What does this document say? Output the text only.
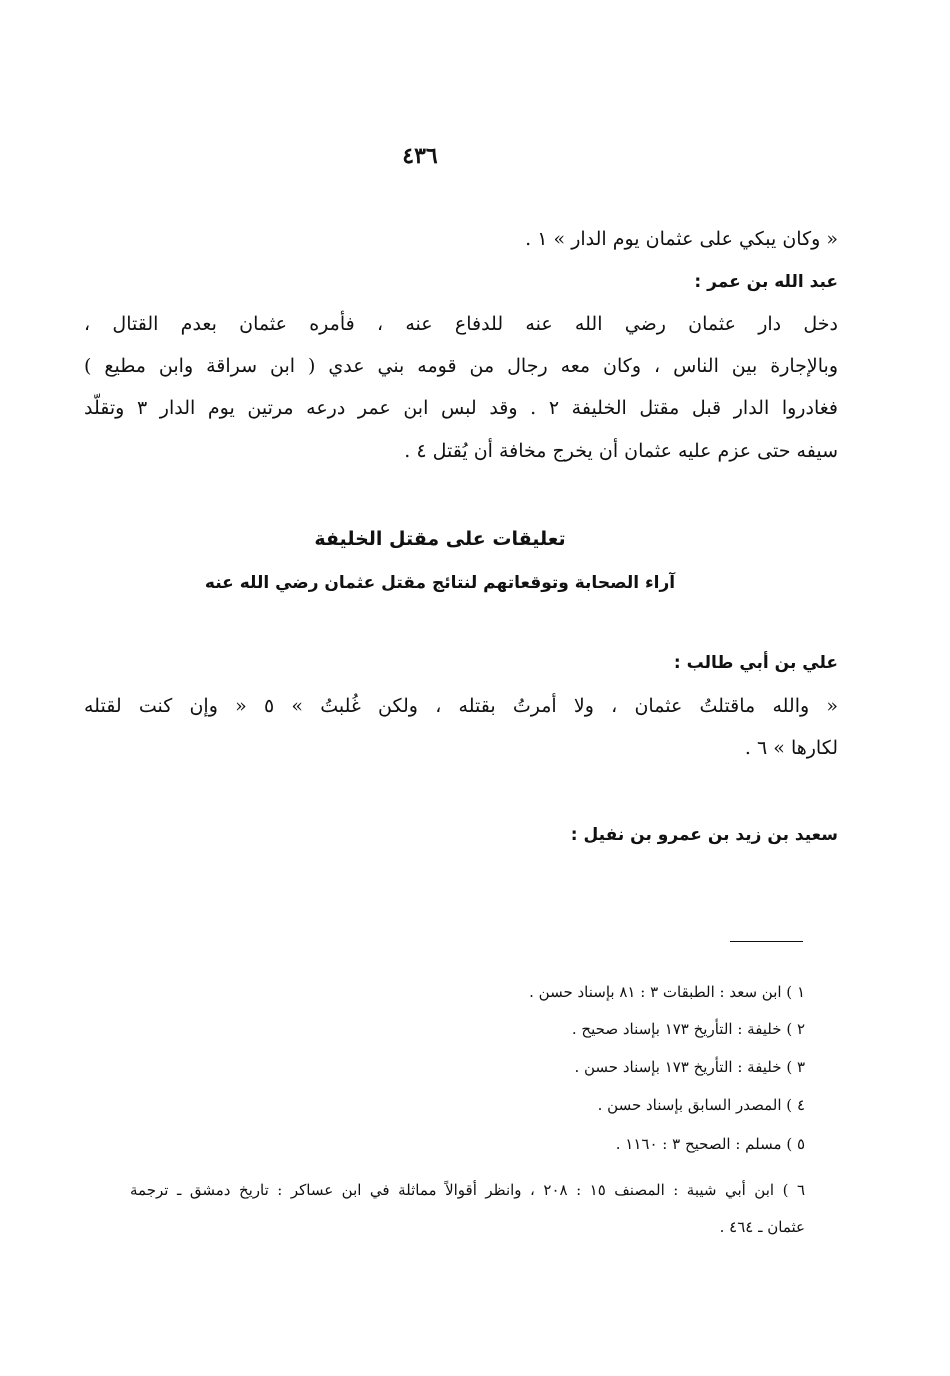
٤٣٦
« وكان يبكي على عثمان يوم الدار » ١ .
عبد الله بن عمر :
دخل دار عثمان رضي الله عنه للدفاع عنه ، فأمره عثمان بعدم القتال ،
وبالإجارة بين الناس ، وكان معه رجال من قومه بني عدي ( ابن سراقة وابن مطيع )
فغادروا الدار قبل مقتل الخليفة ٢ . وقد لبس ابن عمر درعه مرتين يوم الدار ٣ وتقلّد
سيفه حتى عزم عليه عثمان أن يخرج مخافة أن يُقتل ٤ .
تعليقات على مقتل الخليفة
آراء الصحابة وتوقعاتهم لنتائج مقتل عثمان رضي الله عنه
علي بن أبي طالب :
« والله ماقتلتُ عثمان ، ولا أمرتُ بقتله ، ولكن غُلبتُ » ٥ « وإن كنت لقتله
لكارها » ٦ .
سعيد بن زيد بن عمرو بن نفيل :
١ ) ابن سعد : الطبقات ٣ : ٨١ بإسناد حسن .
٢ ) خليفة : التأريخ ١٧٣ بإسناد صحيح .
٣ ) خليفة : التأريخ ١٧٣ بإسناد حسن .
٤ ) المصدر السابق بإسناد حسن .
٥ ) مسلم : الصحيح ٣ : ١١٦٠ .
٦ ) ابن أبي شيبة : المصنف ١٥ : ٢٠٨ ، وانظر أقوالاً مماثلة في ابن عساكر : تاريخ دمشق ـ ترجمة
عثمان ـ ٤٦٤ .
